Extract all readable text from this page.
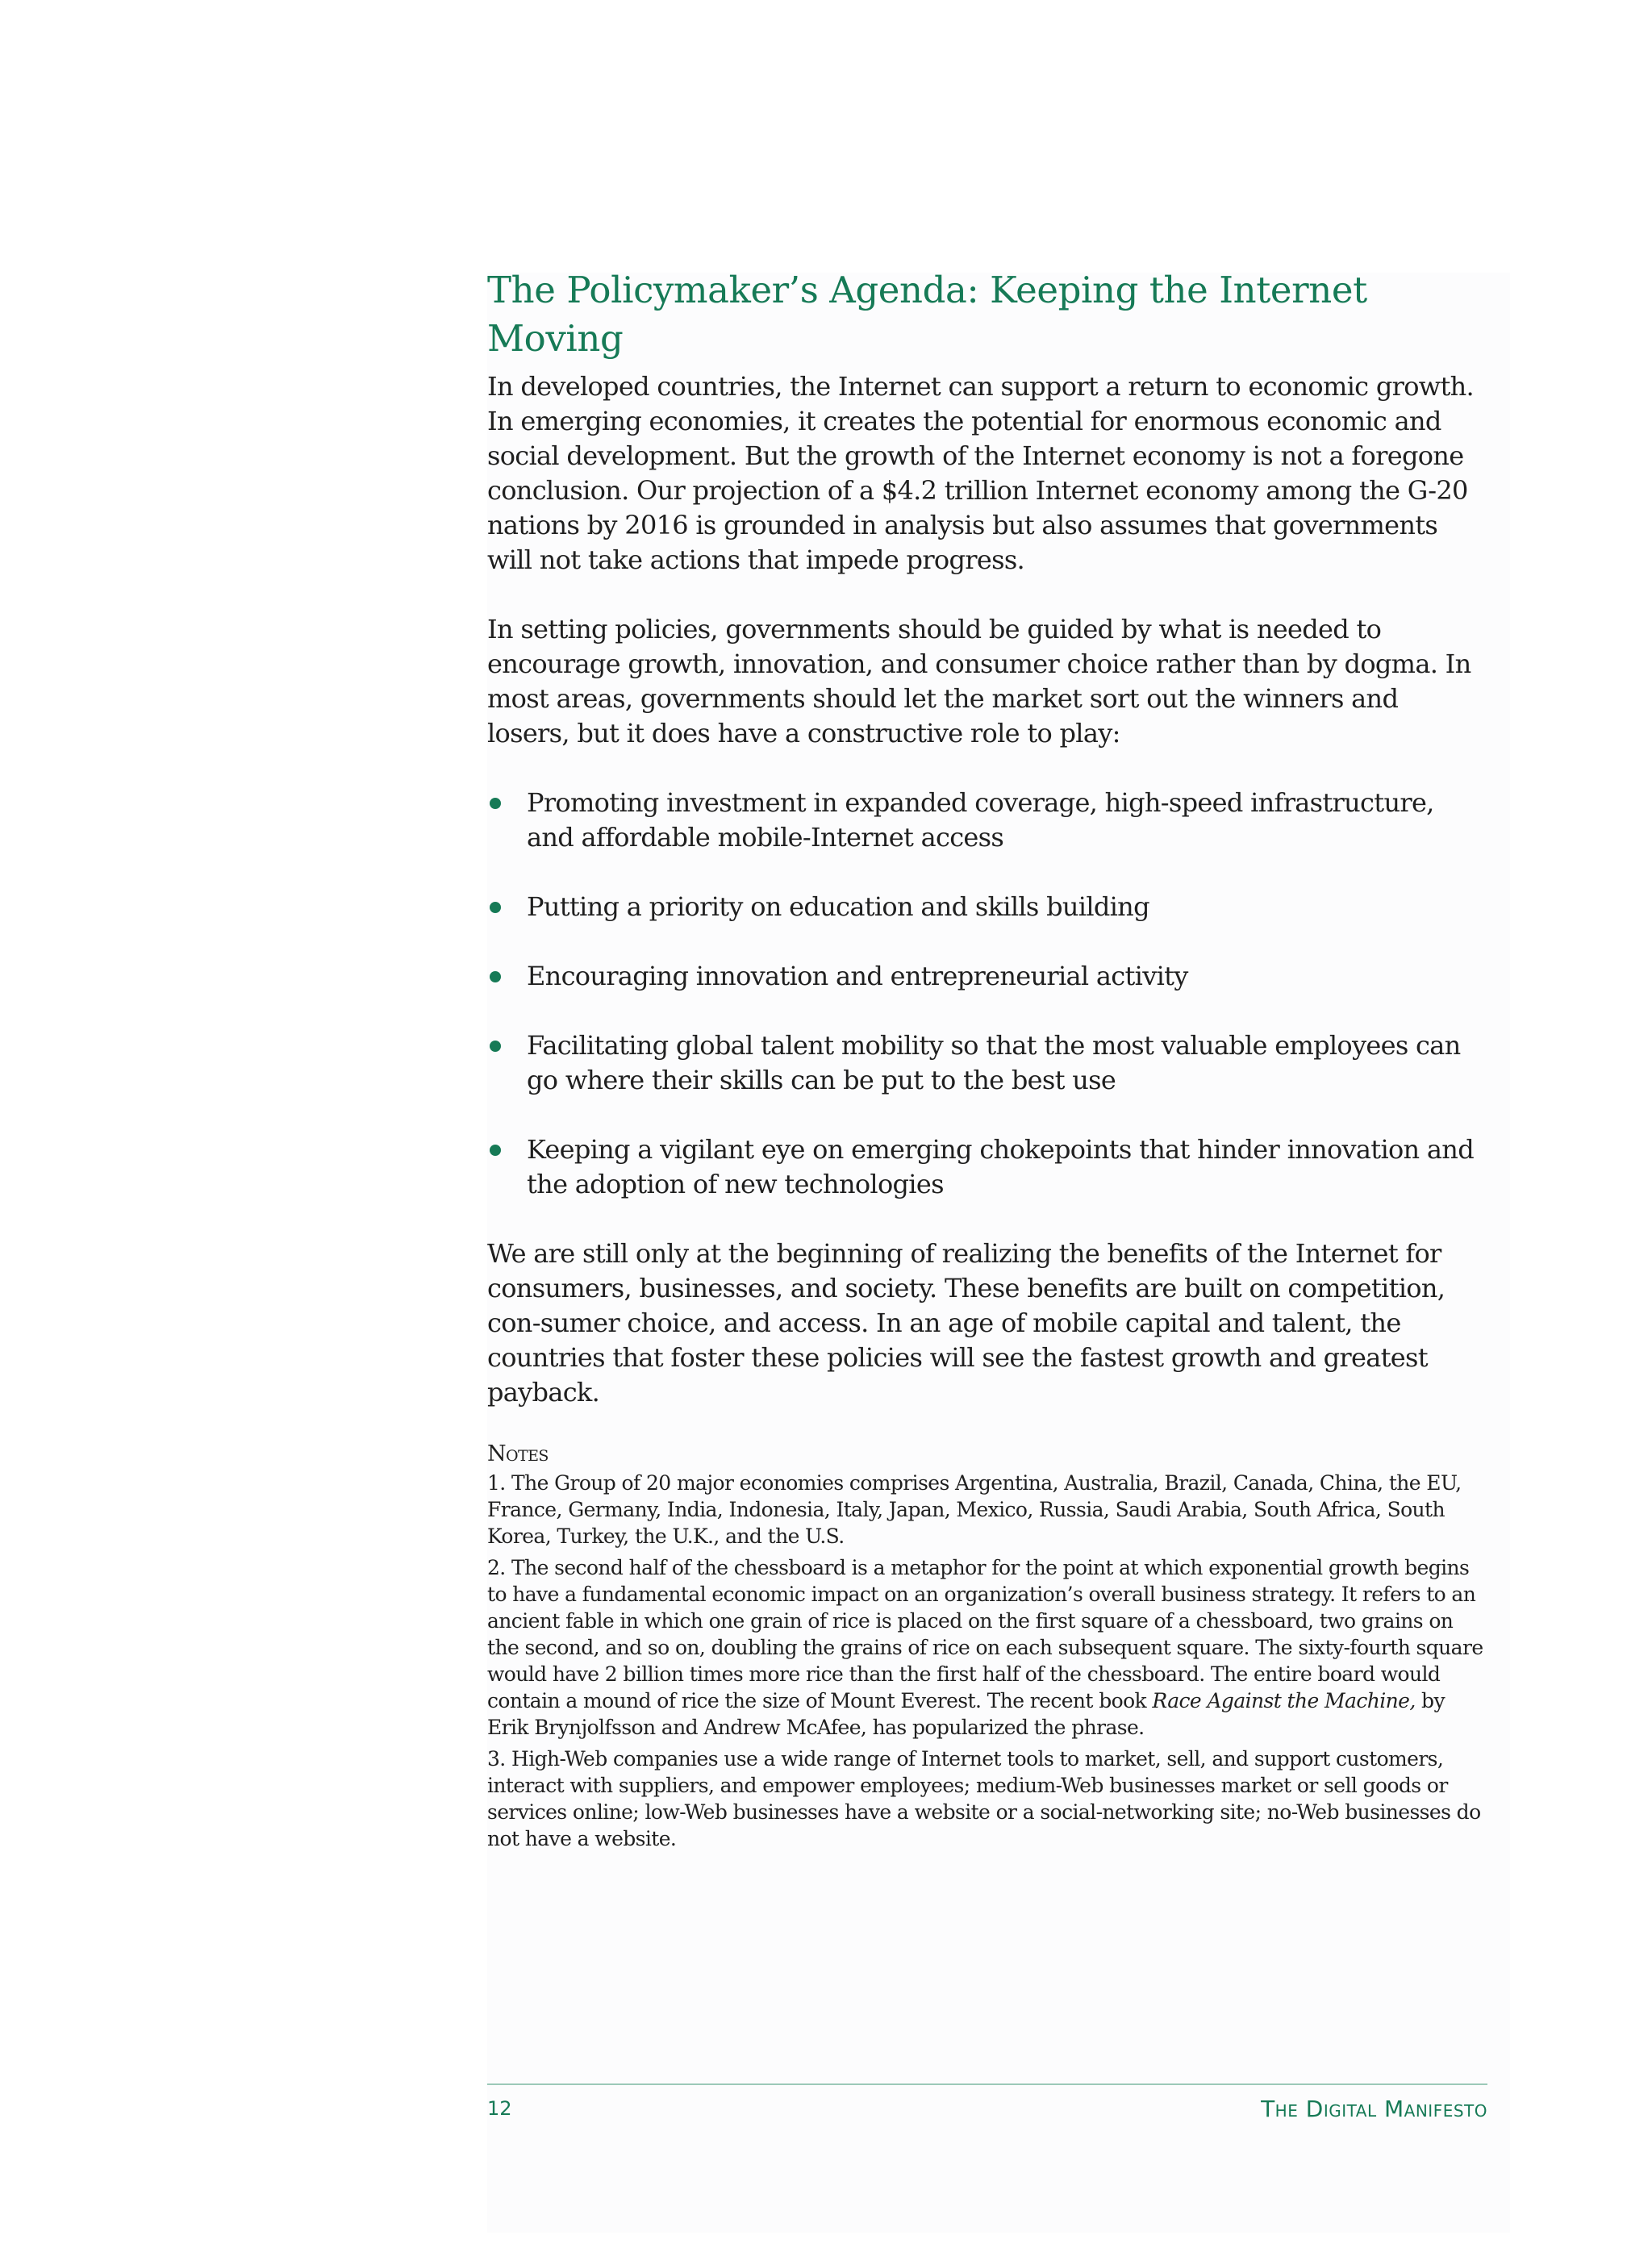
The Policymaker’s Agenda: Keeping the Internet Moving

In developed countries, the Internet can support a return to economic growth. In emerging economies, it creates the potential for enormous economic and social development. But the growth of the Internet economy is not a foregone conclusion. Our projection of a $4.2 trillion Internet economy among the G-20 nations by 2016 is grounded in analysis but also assumes that governments will not take actions that impede progress.

In setting policies, governments should be guided by what is needed to encourage growth, innovation, and consumer choice rather than by dogma. In most areas, governments should let the market sort out the winners and losers, but it does have a constructive role to play:

Promoting investment in expanded coverage, high-speed infrastructure, and affordable mobile-Internet access
Putting a priority on education and skills building
Encouraging innovation and entrepreneurial activity
Facilitating global talent mobility so that the most valuable employees can go where their skills can be put to the best use
Keeping a vigilant eye on emerging chokepoints that hinder innovation and the adoption of new technologies

We are still only at the beginning of realizing the benefits of the Internet for consumers, businesses, and society. These benefits are built on competition, con-sumer choice, and access. In an age of mobile capital and talent, the countries that foster these policies will see the fastest growth and greatest payback.

Notes

1. The Group of 20 major economies comprises Argentina, Australia, Brazil, Canada, China, the EU, France, Germany, India, Indonesia, Italy, Japan, Mexico, Russia, Saudi Arabia, South Africa, South Korea, Turkey, the U.K., and the U.S.

2. The second half of the chessboard is a metaphor for the point at which exponential growth begins to have a fundamental economic impact on an organization’s overall business strategy. It refers to an ancient fable in which one grain of rice is placed on the first square of a chessboard, two grains on the second, and so on, doubling the grains of rice on each subsequent square. The sixty-fourth square would have 2 billion times more rice than the first half of the chessboard. The entire board would contain a mound of rice the size of Mount Everest. The recent book Race Against the Machine, by Erik Brynjolfsson and Andrew McAfee, has popularized the phrase.

3. High-Web companies use a wide range of Internet tools to market, sell, and support customers, interact with suppliers, and empower employees; medium-Web businesses market or sell goods or services online; low-Web businesses have a website or a social-networking site; no-Web businesses do not have a website.

12	The Digital Manifesto
